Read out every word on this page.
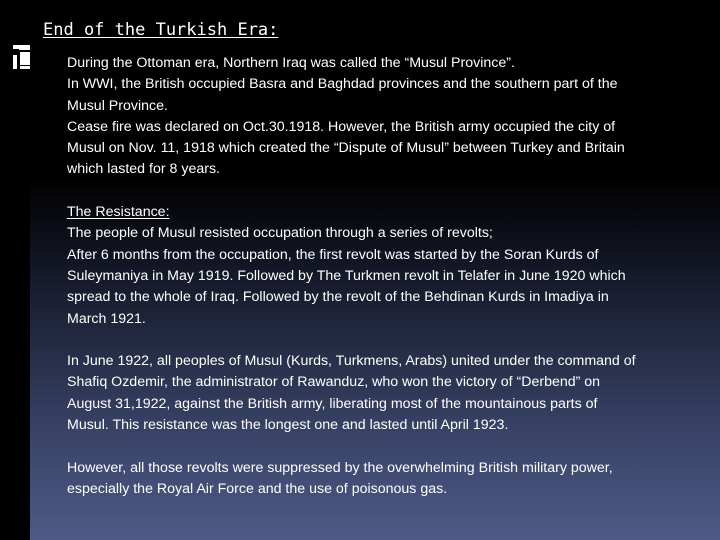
End of the Turkish Era:

During the Ottoman era, Northern Iraq was called the “Musul Province”.

In WWI, the British occupied Basra and Baghdad provinces and the southern part of the

Musul Province.

Cease fire was declared on Oct.30.1918. However, the British army occupied the city of

Musul on Nov. 11, 1918 which created the “Dispute of Musul” between Turkey and Britain

which lasted for 8 years.

The Resistance:

The people of Musul resisted occupation through a series of revolts;

After 6 months from the occupation, the first revolt was started by the Soran Kurds of

Suleymaniya in May 1919. Followed by The Turkmen revolt in Telafer in June 1920 which

spread to the whole of Iraq. Followed by the revolt of the Behdinan Kurds in Imadiya in

March 1921.

In June 1922, all peoples of Musul (Kurds, Turkmens, Arabs) united under the command of

Shafiq Ozdemir, the administrator of Rawanduz, who won the victory of “Derbend” on

August 31,1922, against the British army, liberating most of the mountainous parts of

Musul. This resistance was the longest one and lasted until April 1923.

However, all those revolts were suppressed by the overwhelming British military power,

especially the Royal Air Force and the use of poisonous gas.
